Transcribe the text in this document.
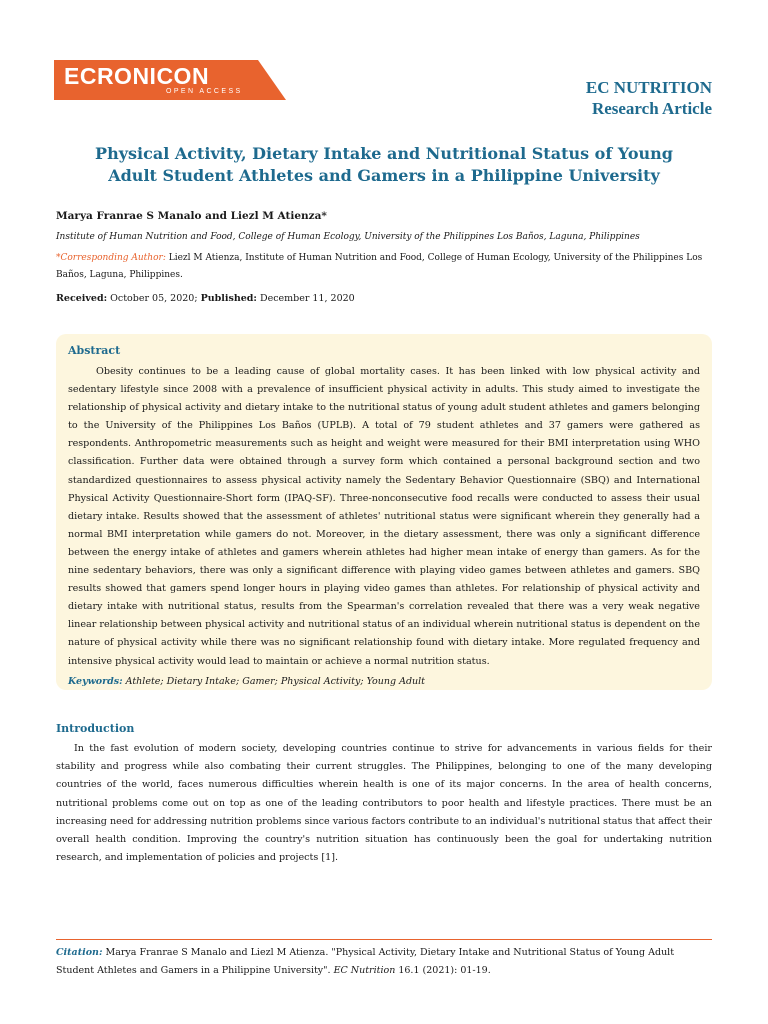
ECRONICON
OPEN ACCESS	EC NUTRITION
Research Article
Physical Activity, Dietary Intake and Nutritional Status of Young
Adult Student Athletes and Gamers in a Philippine University
Marya Franrae S Manalo and Liezl M Atienza*
Institute of Human Nutrition and Food, College of Human Ecology, University of the Philippines Los Baños, Laguna, Philippines
*Corresponding Author: Liezl M Atienza, Institute of Human Nutrition and Food, College of Human Ecology, University of the Philippines Los Baños, Laguna, Philippines.
Received: October 05, 2020; Published: December 11, 2020
Abstract
Obesity continues to be a leading cause of global mortality cases. It has been linked with low physical activity and sedentary lifestyle since 2008 with a prevalence of insufficient physical activity in adults. This study aimed to investigate the relationship of physical activity and dietary intake to the nutritional status of young adult student athletes and gamers belonging to the University of the Philippines Los Baños (UPLB). A total of 79 student athletes and 37 gamers were gathered as respondents. Anthropometric measurements such as height and weight were measured for their BMI interpretation using WHO classification. Further data were obtained through a survey form which contained a personal background section and two standardized questionnaires to assess physical activity namely the Sedentary Behavior Questionnaire (SBQ) and International Physical Activity Questionnaire-Short form (IPAQ-SF). Three-nonconsecutive food recalls were conducted to assess their usual dietary intake. Results showed that the assessment of athletes' nutritional status were significant wherein they generally had a normal BMI interpretation while gamers do not. Moreover, in the dietary assessment, there was only a significant difference between the energy intake of athletes and gamers wherein athletes had higher mean intake of energy than gamers. As for the nine sedentary behaviors, there was only a significant difference with playing video games between athletes and gamers. SBQ results showed that gamers spend longer hours in playing video games than athletes. For relationship of physical activity and dietary intake with nutritional status, results from the Spearman's correlation revealed that there was a very weak negative linear relationship between physical activity and nutritional status of an individual wherein nutritional status is dependent on the nature of physical activity while there was no significant relationship found with dietary intake. More regulated frequency and intensive physical activity would lead to maintain or achieve a normal nutrition status.
Keywords: Athlete; Dietary Intake; Gamer; Physical Activity; Young Adult
Introduction
In the fast evolution of modern society, developing countries continue to strive for advancements in various fields for their stability and progress while also combating their current struggles. The Philippines, belonging to one of the many developing countries of the world, faces numerous difficulties wherein health is one of its major concerns. In the area of health concerns, nutritional problems come out on top as one of the leading contributors to poor health and lifestyle practices. There must be an increasing need for addressing nutrition problems since various factors contribute to an individual's nutritional status that affect their overall health condition. Improving the country's nutrition situation has continuously been the goal for undertaking nutrition research, and implementation of policies and projects [1].
Citation: Marya Franrae S Manalo and Liezl M Atienza. "Physical Activity, Dietary Intake and Nutritional Status of Young Adult Student Athletes and Gamers in a Philippine University". EC Nutrition 16.1 (2021): 01-19.
